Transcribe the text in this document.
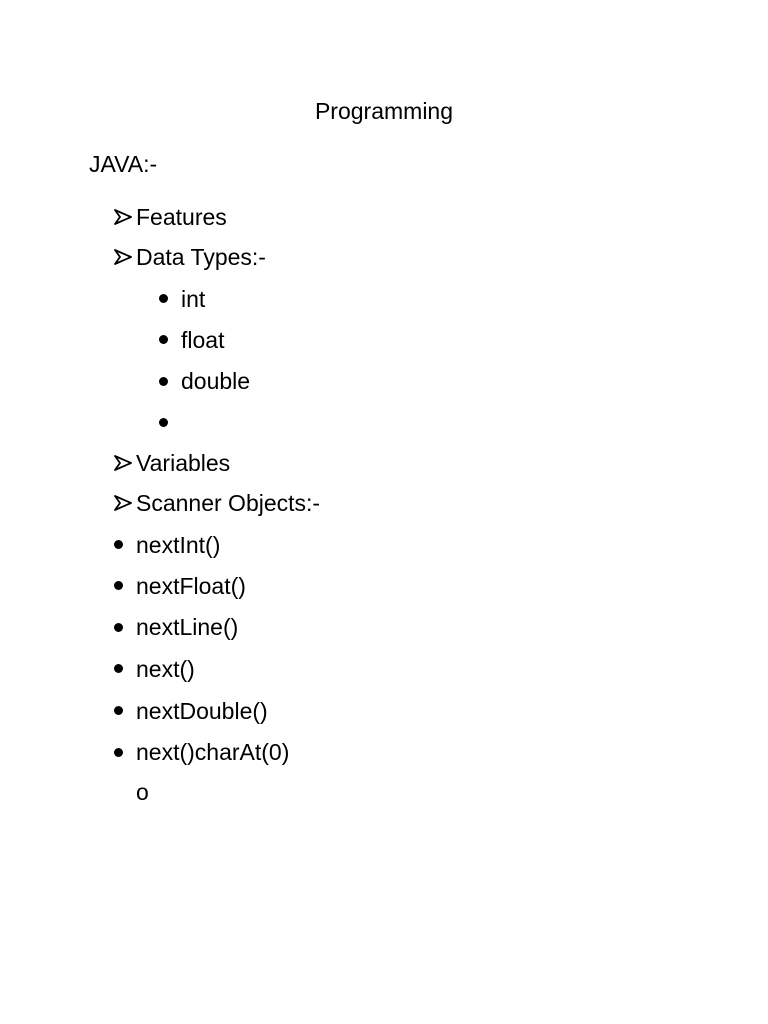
Programming
JAVA:-
Features
Data Types:-
int
float
double
Variables
Scanner Objects:-
nextInt()
nextFloat()
nextLine()
next()
nextDouble()
next()charAt(0)
o
